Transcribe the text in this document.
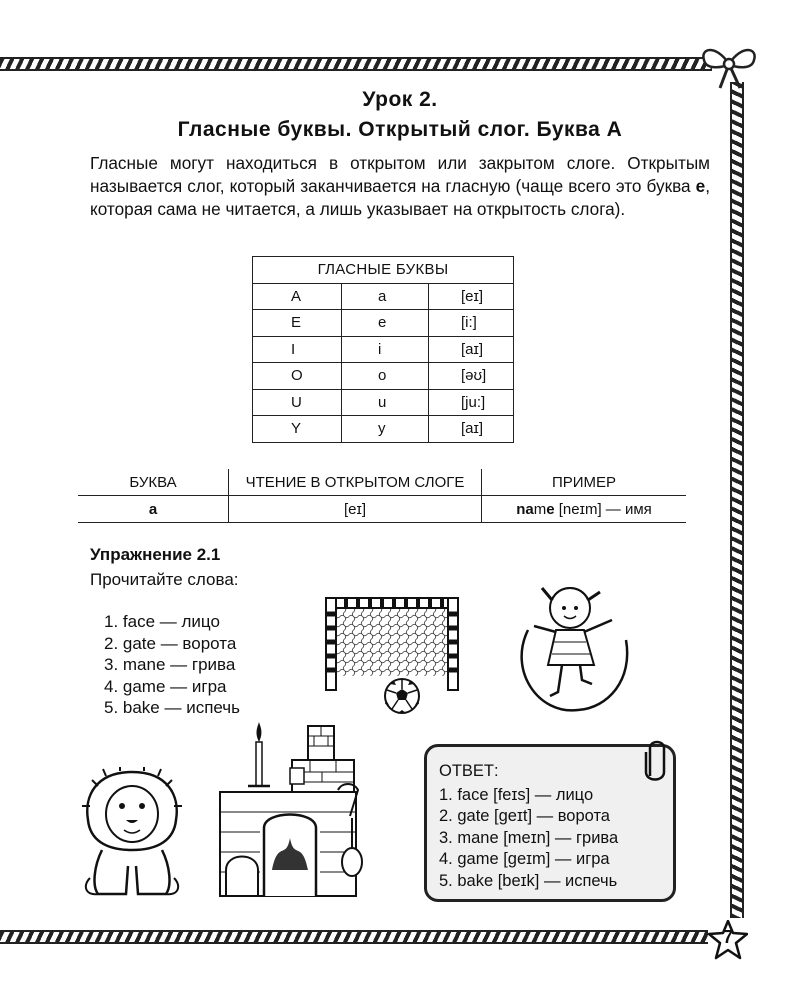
Урок 2.
Гласные буквы. Открытый слог. Буква А
Гласные могут находиться в открытом или закрытом слоге. Открытым называется слог, который заканчивается на гласную (чаще всего это буква e, которая сама не читается, а лишь указывает на открытость слога).
ГЛАСНЫЕ БУКВЫ		
A	a	[eɪ]
E	e	[i:]
I	i	[aɪ]
O	o	[əʊ]
U	u	[ju:]
Y	y	[aɪ]
БУКВА	ЧТЕНИЕ В ОТКРЫТОМ СЛОГЕ	ПРИМЕР
a	[eɪ]	name [neɪm] — имя
Упражнение 2.1
Прочитайте слова:
1. face — лицо
2. gate — ворота
3. mane — грива
4. game — игра
5. bake — испечь
ОТВЕТ:
1. face [feɪs] — лицо
2. gate [geɪt] — ворота
3. mane [meɪn] — грива
4. game [geɪm] — игра
5. bake [beɪk] — испечь
7
